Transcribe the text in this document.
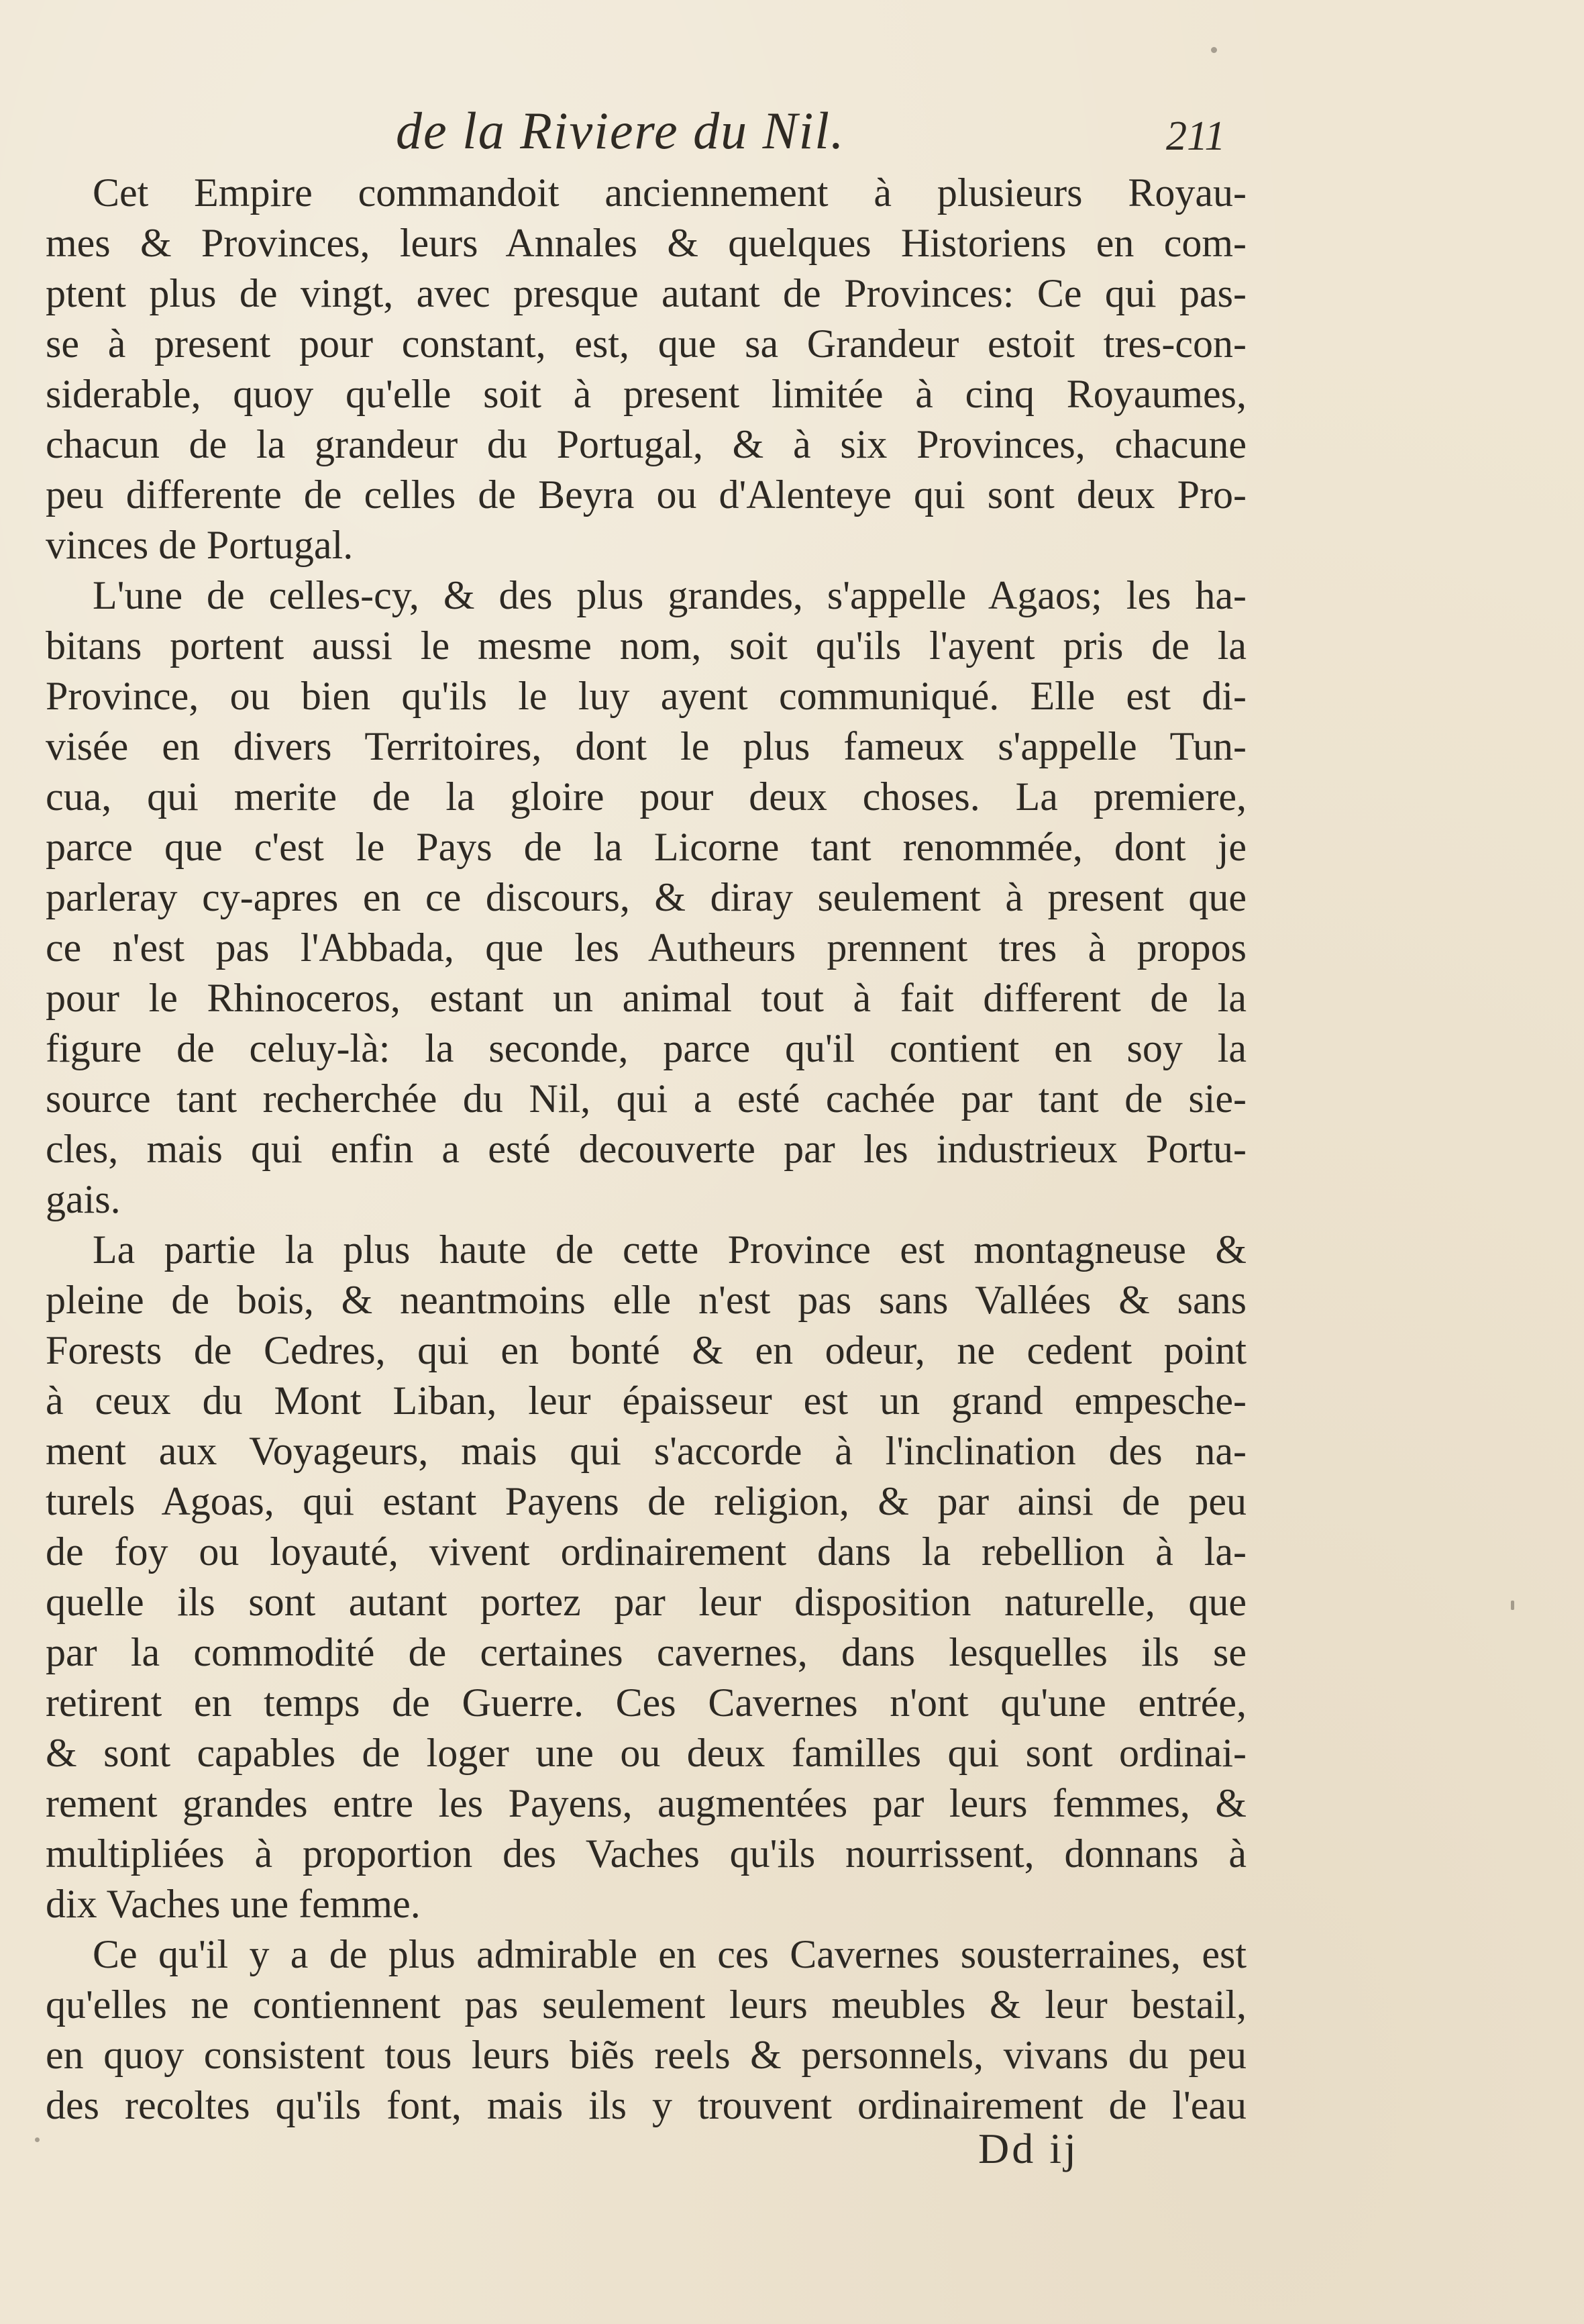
de la Riviere du Nil.	211
Cet Empire commandoit anciennement à plusieurs Royau-
mes & Provinces, leurs Annales & quelques Historiens en com-
ptent plus de vingt, avec presque autant de Provinces: Ce qui pas-
se à present pour constant, est, que sa Grandeur estoit tres-con-
siderable, quoy qu'elle soit à present limitée à cinq Royaumes,
chacun de la grandeur du Portugal, & à six Provinces, chacune
peu differente de celles de Beyra ou d'Alenteye qui sont deux Pro-
vinces de Portugal.
L'une de celles-cy, & des plus grandes, s'appelle Agaos; les ha-
bitans portent aussi le mesme nom, soit qu'ils l'ayent pris de la
Province, ou bien qu'ils le luy ayent communiqué. Elle est di-
visée en divers Territoires, dont le plus fameux s'appelle Tun-
cua, qui merite de la gloire pour deux choses. La premiere,
parce que c'est le Pays de la Licorne tant renommée, dont je
parleray cy-apres en ce discours, & diray seulement à present que
ce n'est pas l'Abbada, que les Autheurs prennent tres à propos
pour le Rhinoceros, estant un animal tout à fait different de la
figure de celuy-là: la seconde, parce qu'il contient en soy la
source tant recherchée du Nil, qui a esté cachée par tant de sie-
cles, mais qui enfin a esté decouverte par les industrieux Portu-
gais.
La partie la plus haute de cette Province est montagneuse &
pleine de bois, & neantmoins elle n'est pas sans Vallées & sans
Forests de Cedres, qui en bonté & en odeur, ne cedent point
à ceux du Mont Liban, leur épaisseur est un grand empesche-
ment aux Voyageurs, mais qui s'accorde à l'inclination des na-
turels Agoas, qui estant Payens de religion, & par ainsi de peu
de foy ou loyauté, vivent ordinairement dans la rebellion à la-
quelle ils sont autant portez par leur disposition naturelle, que
par la commodité de certaines cavernes, dans lesquelles ils se
retirent en temps de Guerre. Ces Cavernes n'ont qu'une entrée,
& sont capables de loger une ou deux familles qui sont ordinai-
rement grandes entre les Payens, augmentées par leurs femmes, &
multipliées à proportion des Vaches qu'ils nourrissent, donnans à
dix Vaches une femme.
Ce qu'il y a de plus admirable en ces Cavernes sousterraines, est
qu'elles ne contiennent pas seulement leurs meubles & leur bestail,
en quoy consistent tous leurs biẽs reels & personnels, vivans du peu
des recoltes qu'ils font, mais ils y trouvent ordinairement de l'eau
Dd ij
